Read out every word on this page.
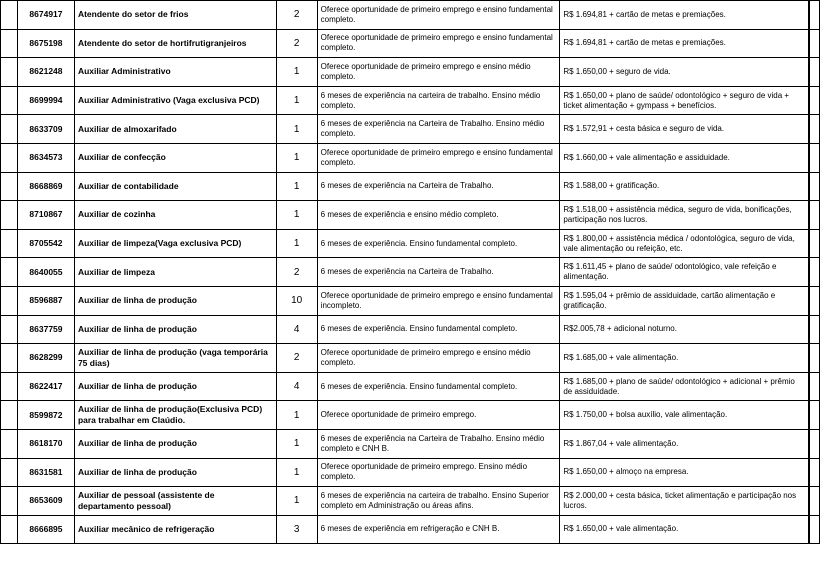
	8674917	Atendente do setor de frios	2	Oferece oportunidade de primeiro emprego e ensino fundamental completo.	R$ 1.694,81 + cartão de metas e premiações.	
	8675198	Atendente do setor de hortifrutigranjeiros	2	Oferece oportunidade de primeiro emprego e ensino fundamental completo.	R$ 1.694,81 + cartão de metas e premiações.	
	8621248	Auxiliar Administrativo	1	Oferece oportunidade de primeiro emprego e ensino médio completo.	R$ 1.650,00 + seguro de vida.	
	8699994	Auxiliar Administrativo (Vaga exclusiva PCD)	1	6 meses de experiência na carteira de trabalho. Ensino médio completo.	R$ 1.650,00 + plano de saúde/ odontológico + seguro de vida + ticket alimentação + gympass + benefícios.	
	8633709	Auxiliar de almoxarifado	1	6 meses de experiência na Carteira de Trabalho. Ensino médio completo.	R$ 1.572,91 + cesta básica e seguro de vida.	
	8634573	Auxiliar de confecção	1	Oferece oportunidade de primeiro emprego e ensino fundamental completo.	R$ 1.660,00 + vale alimentação e assiduidade.	
	8668869	Auxiliar de contabilidade	1	6 meses de experiência na Carteira de Trabalho.	R$ 1.588,00 + gratificação.	
	8710867	Auxiliar de cozinha	1	6 meses de experiência e ensino médio completo.	R$ 1.518,00 + assistência médica, seguro de vida, bonificações, participação nos lucros.	
	8705542	Auxiliar de limpeza(Vaga exclusiva PCD)	1	6 meses de experiência. Ensino fundamental completo.	R$ 1.800,00 + assistência médica / odontológica, seguro de vida, vale alimentação ou refeição, etc.	
	8640055	Auxiliar de limpeza	2	6 meses de experiência na Carteira de Trabalho.	R$ 1.611,45 + plano de saúde/ odontológico, vale refeição e alimentação.	
	8596887	Auxiliar de linha de produção	10	Oferece oportunidade de primeiro emprego e ensino fundamental incompleto.	R$ 1.595,04 + prêmio de assiduidade, cartão alimentação e gratificação.	
	8637759	Auxiliar de linha de produção	4	6 meses de experiência. Ensino fundamental completo.	R$2.005,78 + adicional noturno.	
	8628299	Auxiliar de linha de produção (vaga temporária 75 dias)	2	Oferece oportunidade de primeiro emprego e ensino médio completo.	R$ 1.685,00 + vale alimentação.	
	8622417	Auxiliar de linha de produção	4	6 meses de experiência. Ensino fundamental completo.	R$ 1.685,00 + plano de saúde/ odontológico + adicional + prêmio de assiduidade.	
	8599872	Auxiliar de linha de produção(Exclusiva PCD) para trabalhar em Claúdio.	1	Oferece oportunidade de primeiro emprego.	R$ 1.750,00 + bolsa auxílio, vale alimentação.	
	8618170	Auxiliar de linha de produção	1	6 meses de experiência na Carteira de Trabalho. Ensino médio completo e CNH B.	R$ 1.867,04 + vale alimentação.	
	8631581	Auxiliar de linha de produção	1	Oferece oportunidade de primeiro emprego. Ensino médio completo.	R$ 1.650,00 + almoço na empresa.	
	8653609	Auxiliar de pessoal (assistente de departamento pessoal)	1	6 meses de experiência na carteira de trabalho. Ensino Superior completo em Administração ou áreas afins.	R$ 2.000,00 + cesta básica, ticket alimentação e participação nos lucros.	
	8666895	Auxiliar mecânico de refrigeração	3	6 meses de experiência em refrigeração e CNH B.	R$ 1.650,00 + vale alimentação.	
